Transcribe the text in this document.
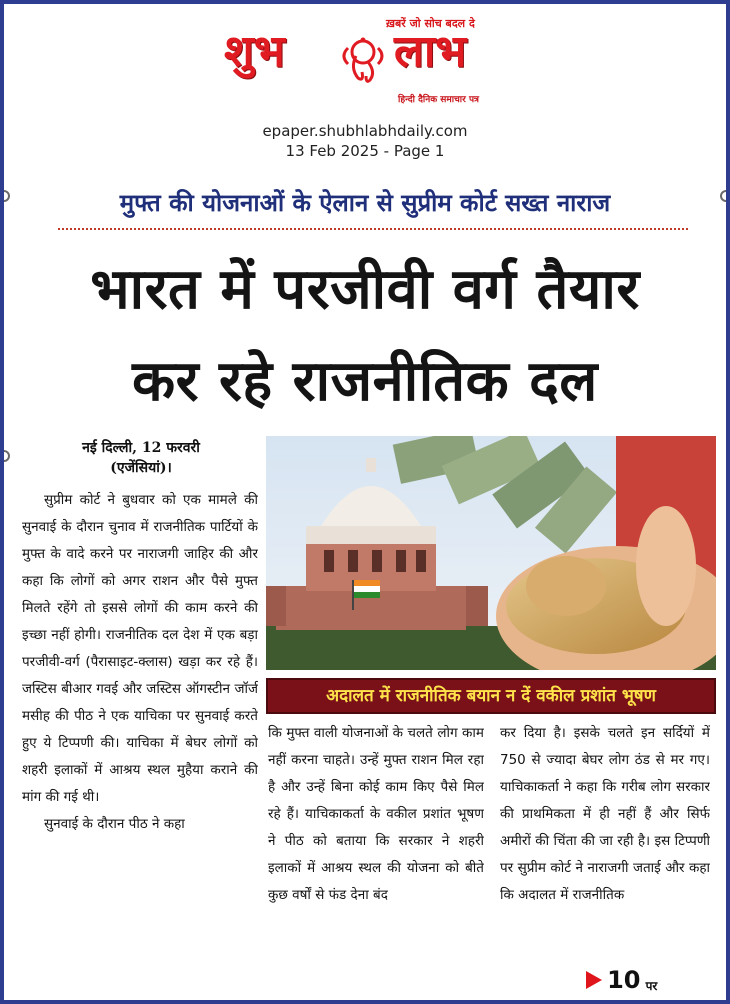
ख़बरें जो सोच बदल दे
शुभ लाभ
हिन्दी दैनिक समाचार पत्र
epaper.shubhlabhdaily.com
13 Feb 2025 - Page 1
मुफ्त की योजनाओं के ऐलान से सुप्रीम कोर्ट सख्त नाराज
भारत में परजीवी वर्ग तैयार
कर रहे राजनीतिक दल
नई दिल्ली, 12 फरवरी
(एजेंसियां)।
सुप्रीम कोर्ट ने बुधवार को एक मामले की सुनवाई के दौरान चुनाव में राजनीतिक पार्टियों के मुफ्त के वादे करने पर नाराजगी जाहिर की और कहा कि लोगों को अगर राशन और पैसे मुफ्त मिलते रहेंगे तो इससे लोगों की काम करने की इच्छा नहीं होगी। राजनीतिक दल देश में एक बड़ा परजीवी-वर्ग (पैरासाइट-क्लास) खड़ा कर रहे हैं। जस्टिस बीआर गवई और जस्टिस ऑगस्टीन जॉर्ज मसीह की पीठ ने एक याचिका पर सुनवाई करते हुए ये टिप्पणी की। याचिका में बेघर लोगों को शहरी इलाकों में आश्रय स्थल मुहैया कराने की मांग की गई थी।
सुनवाई के दौरान पीठ ने कहा
अदालत में राजनीतिक बयान न दें वकील प्रशांत भूषण
कि मुफ्त वाली योजनाओं के चलते लोग काम नहीं करना चाहते। उन्हें मुफ्त राशन मिल रहा है और उन्हें बिना कोई काम किए पैसे मिल रहे हैं। याचिकाकर्ता के वकील प्रशांत भूषण ने पीठ को बताया कि सरकार ने शहरी इलाकों में आश्रय स्थल की योजना को बीते कुछ वर्षों से फंड देना बंद
कर दिया है। इसके चलते इन सर्दियों में 750 से ज्यादा बेघर लोग ठंड से मर गए। याचिकाकर्ता ने कहा कि गरीब लोग सरकार की प्राथमिकता में ही नहीं हैं और सिर्फ अमीरों की चिंता की जा रही है। इस टिप्पणी पर सुप्रीम कोर्ट ने नाराजगी जताई और कहा कि अदालत में राजनीतिक
10 पर
